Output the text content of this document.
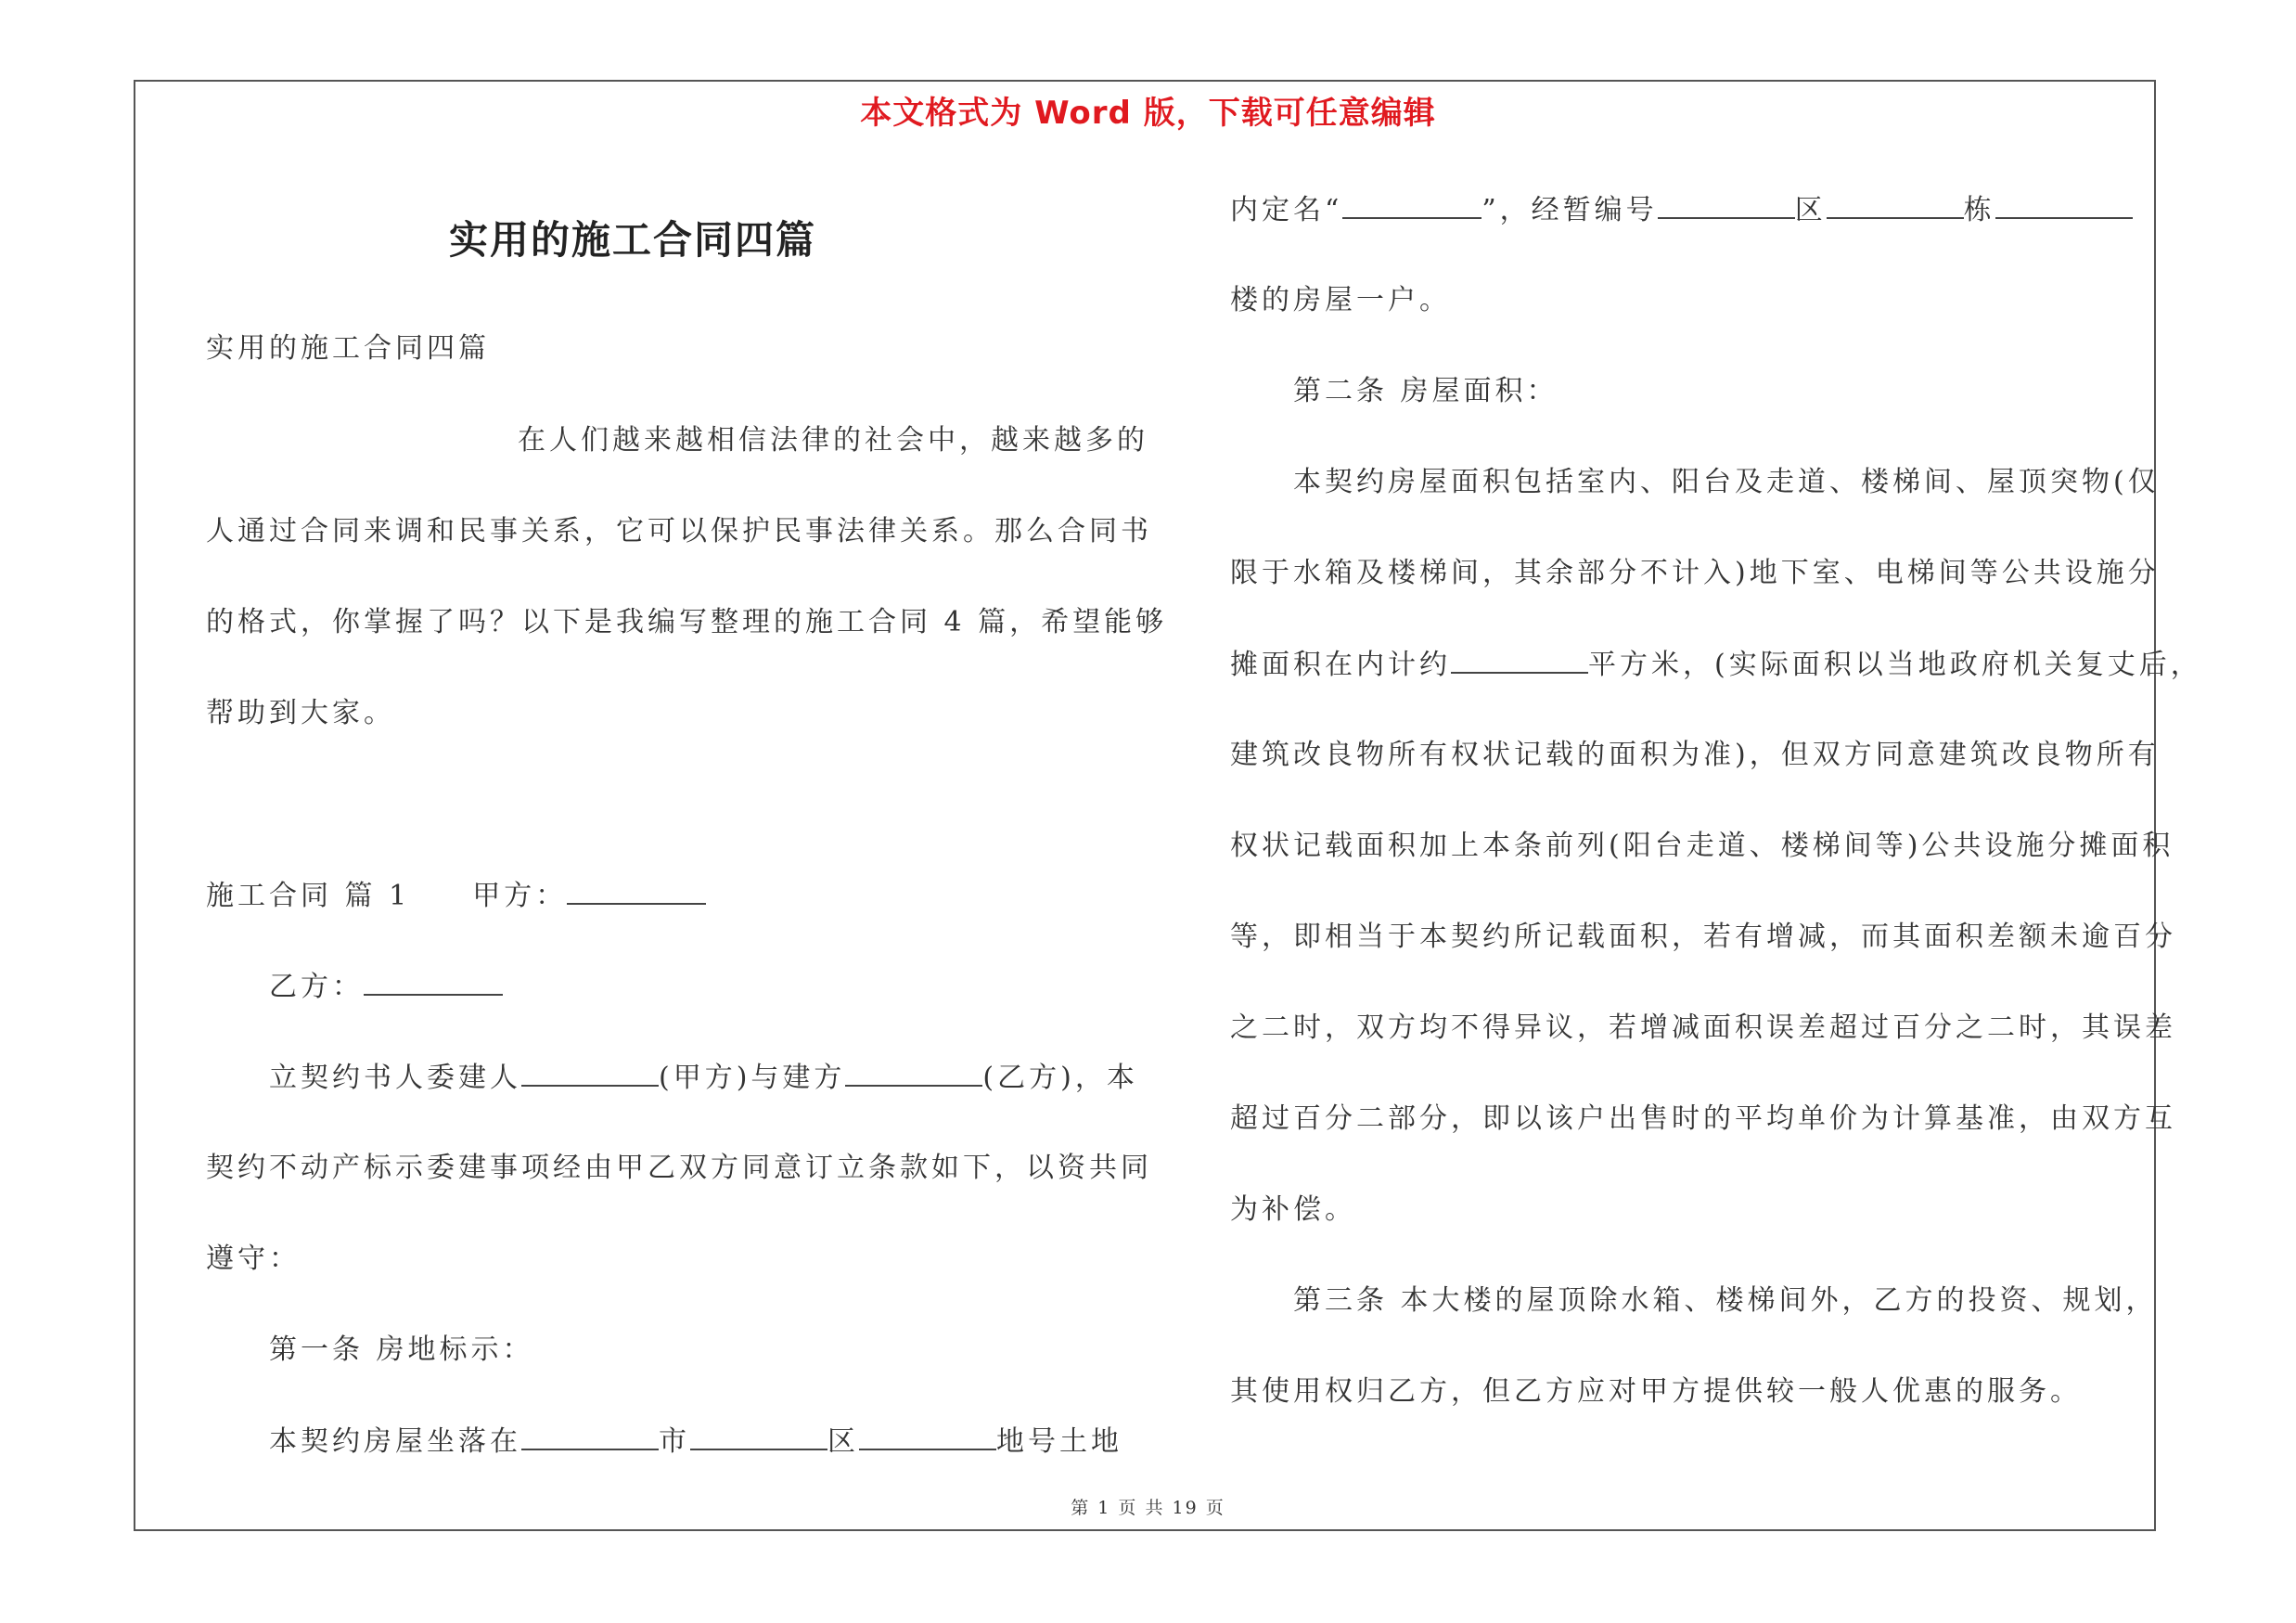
本文格式为 Word 版，下载可任意编辑
实用的施工合同四篇
实用的施工合同四篇
在人们越来越相信法律的社会中，越来越多的
人通过合同来调和民事关系，它可以保护民事法律关系。那么合同书
的格式，你掌握了吗？以下是我编写整理的施工合同 4 篇，希望能够
帮助到大家。
施工合同 篇 1 甲方：
乙方：
立契约书人委建人	(甲方)与建方	(乙方)，本
契约不动产标示委建事项经由甲乙双方同意订立条款如下，以资共同
遵守：
第一条 房地标示：
本契约房屋坐落在	市	区	地号土地
内定名“	”，经暂编号	区	栋
楼的房屋一户。
第二条 房屋面积：
本契约房屋面积包括室内、阳台及走道、楼梯间、屋顶突物(仅
限于水箱及楼梯间，其余部分不计入)地下室、电梯间等公共设施分
摊面积在内计约	平方米，(实际面积以当地政府机关复丈后，
建筑改良物所有权状记载的面积为准)，但双方同意建筑改良物所有
权状记载面积加上本条前列(阳台走道、楼梯间等)公共设施分摊面积
等，即相当于本契约所记载面积，若有增减，而其面积差额未逾百分
之二时，双方均不得异议，若增减面积误差超过百分之二时，其误差
超过百分二部分，即以该户出售时的平均单价为计算基准，由双方互
为补偿。
第三条 本大楼的屋顶除水箱、楼梯间外，乙方的投资、规划，
其使用权归乙方，但乙方应对甲方提供较一般人优惠的服务。
第 1 页 共 19 页
